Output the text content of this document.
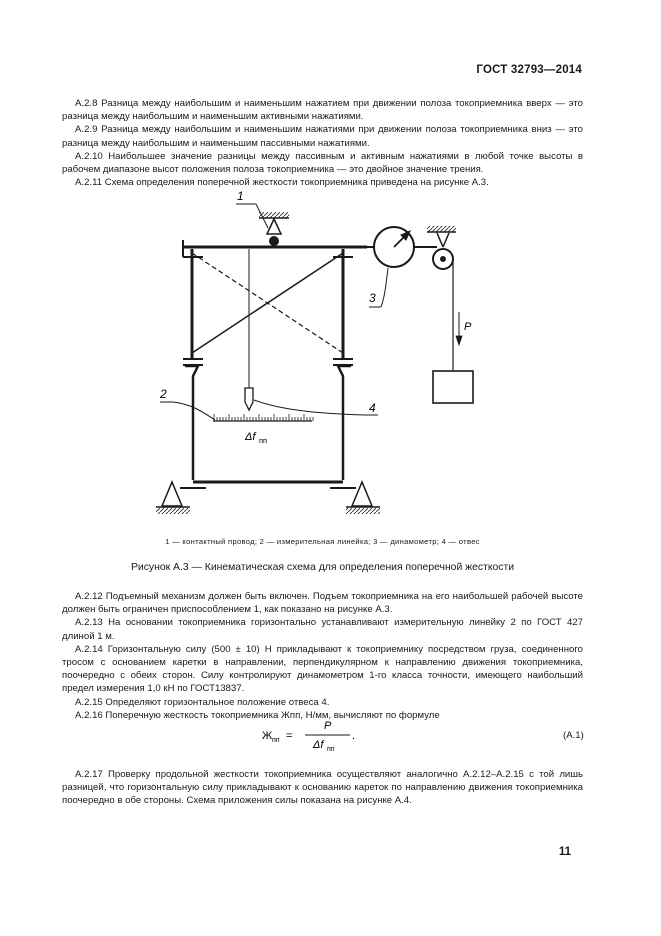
ГОСТ 32793—2014

А.2.8 Разница между наибольшим и наименьшим нажатием при движении полоза токоприемника вверх — это разница между наибольшим и наименьшим активными нажатиями.

А.2.9 Разница между наибольшим и наименьшим нажатиями при движении полоза токоприемника вниз — это разница между наибольшим и наименьшим пассивными нажатиями.

А.2.10 Наибольшее значение разницы между пассивным и активным нажатиями в любой точке высоты в рабочем диапазоне высот положения полоза токоприемника — это двойное значение трения.

А.2.11 Схема определения поперечной жесткости токоприемника приведена на рисунке А.3.

1
2
3
4
P
Δf пп
1 — контактный провод; 2 — измерительная линейка; 3 — динамометр; 4 — отвес
Рисунок А.3 — Кинематическая схема для определения поперечной жесткости

А.2.12 Подъемный механизм должен быть включен. Подъем токоприемника на его наибольшей рабочей высоте должен быть ограничен приспособлением 1, как показано на рисунке А.3.

А.2.13 На основании токоприемника горизонтально устанавливают измерительную линейку 2 по ГОСТ 427 длиной 1 м.

А.2.14 Горизонтальную силу (500 ± 10) Н прикладывают к токоприемнику посредством груза, соединенного тросом с основанием каретки в направлении, перпендикулярном к направлению движения токоприемника, поочередно с обеих сторон. Силу контролируют динамометром 1-го класса точности, имеющего наибольший предел измерения 1,0 кН по ГОСТ13837.

А.2.15 Определяют горизонтальное положение отвеса 4.

А.2.16 Поперечную жесткость токоприемника Жпп, Н/мм, вычисляют по формуле

Ж пп =
P
Δf пп
.	(А.1)

А.2.17 Проверку продольной жесткости токоприемника осуществляют аналогично А.2.12–А.2.15 с той лишь разницей, что горизонтальную силу прикладывают к основанию кареток по направлению движения токоприемника поочередно в обе стороны. Схема приложения силы показана на рисунке А.4.

11
